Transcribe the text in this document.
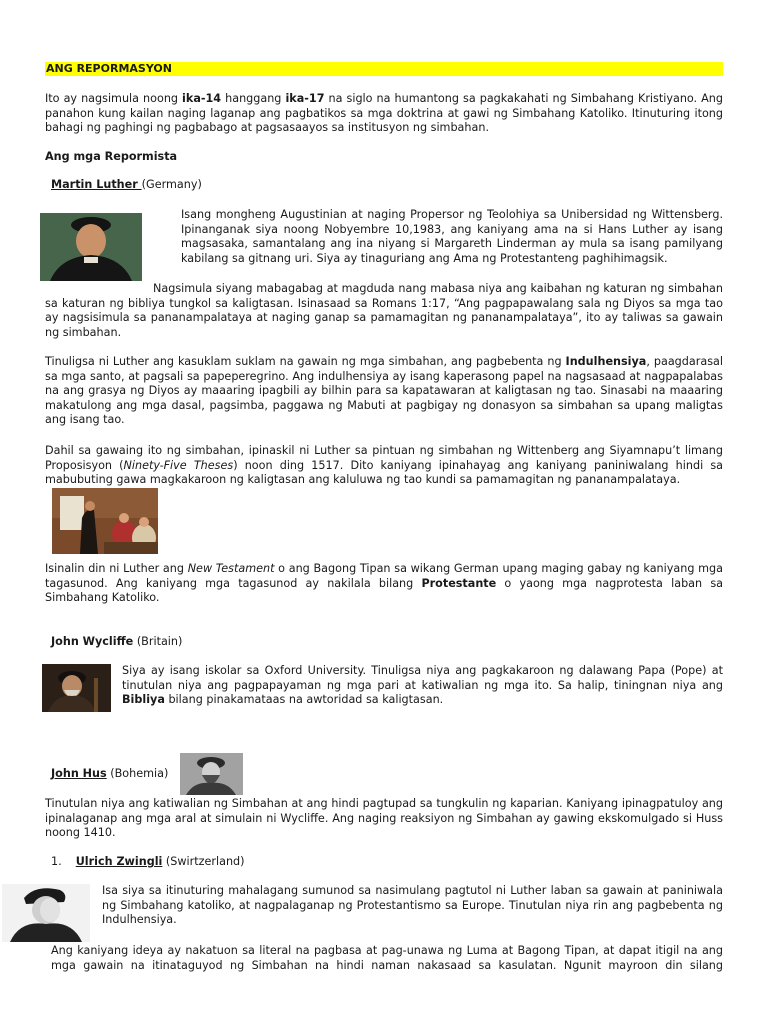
ANG REPORMASYON
Ito ay nagsimula noong ika-14 hanggang ika-17 na siglo na humantong sa pagkakahati ng Simbahang Kristiyano. Ang panahon kung kailan naging laganap ang pagbatikos sa mga doktrina at gawi ng Simbahang Katoliko. Itinuturing itong bahagi ng paghingi ng pagbabago at pagsasaayos sa institusyon ng simbahan.
Ang mga Repormista
Martin Luther (Germany)
Isang mongheng Augustinian at naging Propersor ng Teolohiya sa Unibersidad ng Wittensberg. Ipinanganak siya noong Nobyembre 10,1983, ang kaniyang ama na si Hans Luther ay isang magsasaka, samantalang ang ina niyang si Margareth Linderman ay mula sa isang pamilyang kabilang sa gitnang uri. Siya ay tinaguriang ang Ama ng Protestanteng paghihimagsik.
Nagsimula siyang mabagabag at magduda nang mabasa niya ang kaibahan ng katuran ng simbahan sa katuran ng bibliya tungkol sa kaligtasan. Isinasaad sa Romans 1:17, “Ang pagpapawalang sala ng Diyos sa mga tao ay nagsisimula sa pananampalataya at naging ganap sa pamamagitan ng pananampalataya”, ito ay taliwas sa gawain ng simbahan.
Tinuligsa ni Luther ang kasuklam suklam na gawain ng mga simbahan, ang pagbebenta ng Indulhensiya, paagdarasal sa mga santo, at pagsali sa papeperegrino. Ang indulhensiya ay isang kaperasong papel na nagsasaad at nagpapalabas na ang grasya ng Diyos ay maaaring ipagbili ay bilhin para sa kapatawaran at kaligtasan ng tao. Sinasabi na maaaring makatulong ang mga dasal, pagsimba, paggawa ng Mabuti at pagbigay ng donasyon sa simbahan sa upang maligtas ang isang tao.
Dahil sa gawaing ito ng simbahan, ipinaskil ni Luther sa pintuan ng simbahan ng Wittenberg ang Siyamnapu’t limang Proposisyon (Ninety-Five Theses) noon ding 1517. Dito kaniyang ipinahayag ang kaniyang paniniwalang hindi sa mabubuting gawa magkakaroon ng kaligtasan ang kaluluwa ng tao kundi sa pamamagitan ng pananampalataya.
Isinalin din ni Luther ang New Testament o ang Bagong Tipan sa wikang German upang maging gabay ng kaniyang mga tagasunod. Ang kaniyang mga tagasunod ay nakilala bilang Protestante o yaong mga nagprotesta laban sa Simbahang Katoliko.
John Wycliffe (Britain)
Siya ay isang iskolar sa Oxford University. Tinuligsa niya ang pagkakaroon ng dalawang Papa (Pope) at tinutulan niya ang pagpapayaman ng mga pari at katiwalian ng mga ito. Sa halip, tiningnan niya ang Bibliya bilang pinakamataas na awtoridad sa kaligtasan.
John Hus (Bohemia)
Tinutulan niya ang katiwalian ng Simbahan at ang hindi pagtupad sa tungkulin ng kaparian. Kaniyang ipinagpatuloy ang ipinalaganap ang mga aral at simulain ni Wycliffe. Ang naging reaksiyon ng Simbahan ay gawing ekskomulgado si Huss noong 1410.
1. Ulrich Zwingli (Swirtzerland)
Isa siya sa itinuturing mahalagang sumunod sa nasimulang pagtutol ni Luther laban sa gawain at paniniwala ng Simbahang katoliko, at nagpalaganap ng Protestantismo sa Europe. Tinutulan niya rin ang pagbebenta ng Indulhensiya.
Ang kaniyang ideya ay nakatuon sa literal na pagbasa at pag-unawa ng Luma at Bagong Tipan, at dapat itigil na ang mga gawain na itinataguyod ng Simbahan na hindi naman nakasaad sa kasulatan. Ngunit mayroon din silang
